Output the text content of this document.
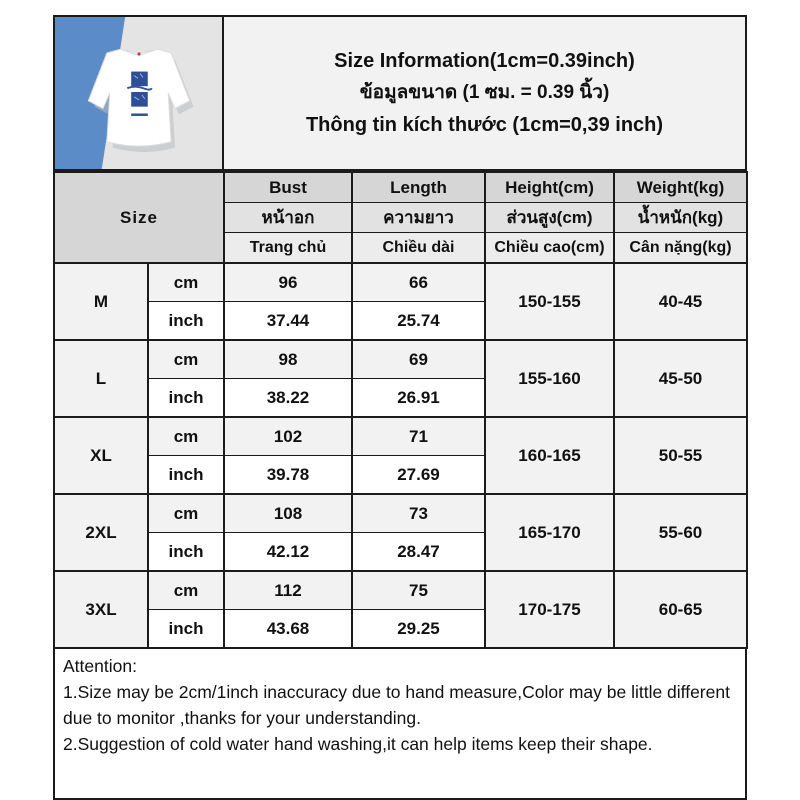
Size Information(1cm=0.39inch)
ข้อมูลขนาด (1 ซม. = 0.39 นิ้ว)
Thông tin kích thước (1cm=0,39 inch)
Size		Bust	Length	Height(cm)	Weight(kg)
		หน้าอก	ความยาว	ส่วนสูง(cm)	น้ำหนัก(kg)
		Trang chủ	Chiều dài	Chiều cao(cm)	Cân nặng(kg)
M	cm	96	66	150-155	40-45
	inch	37.44	25.74		
L	cm	98	69	155-160	45-50
	inch	38.22	26.91		
XL	cm	102	71	160-165	50-55
	inch	39.78	27.69		
2XL	cm	108	73	165-170	55-60
	inch	42.12	28.47		
3XL	cm	112	75	170-175	60-65
	inch	43.68	29.25		
Attention:
1.Size may be 2cm/1inch inaccuracy due to hand measure,Color may be little different due to monitor ,thanks for your understanding.
2.Suggestion of cold water hand washing,it can help items keep their shape.
